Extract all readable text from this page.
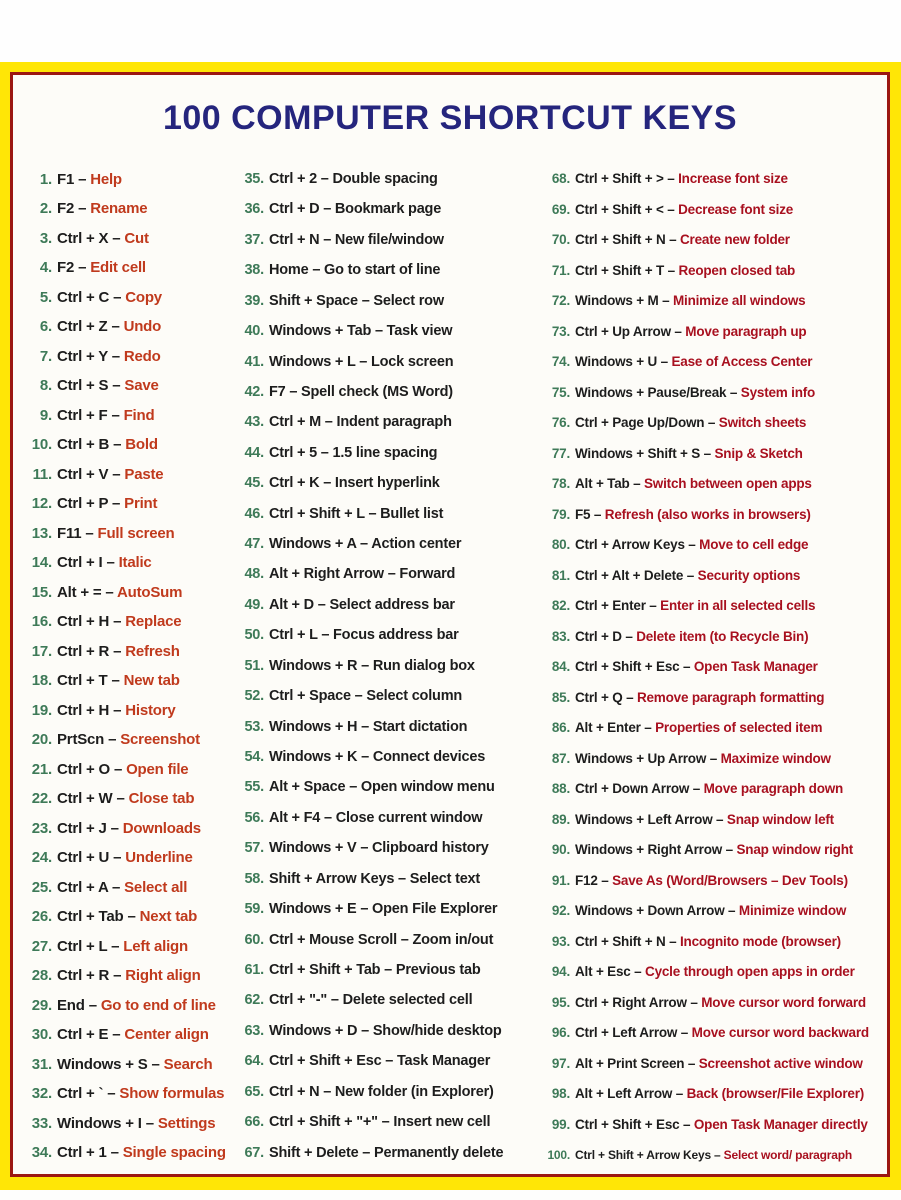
100 COMPUTER SHORTCUT KEYS
1. F1 – Help
2. F2 – Rename
3. Ctrl + X – Cut
4. F2 – Edit cell
5. Ctrl + C – Copy
6. Ctrl + Z – Undo
7. Ctrl + Y – Redo
8. Ctrl + S – Save
9. Ctrl + F – Find
10. Ctrl + B – Bold
11. Ctrl + V – Paste
12. Ctrl + P – Print
13. F11 – Full screen
14. Ctrl + I – Italic
15. Alt + = – AutoSum
16. Ctrl + H – Replace
17. Ctrl + R – Refresh
18. Ctrl + T – New tab
19. Ctrl + H – History
20. PrtScn – Screenshot
21. Ctrl + O – Open file
22. Ctrl + W – Close tab
23. Ctrl + J – Downloads
24. Ctrl + U – Underline
25. Ctrl + A – Select all
26. Ctrl + Tab – Next tab
27. Ctrl + L – Left align
28. Ctrl + R – Right align
29. End – Go to end of line
30. Ctrl + E – Center align
31. Windows + S – Search
32. Ctrl + ` – Show formulas
33. Windows + I – Settings
34. Ctrl + 1 – Single spacing
35. Ctrl + 2 – Double spacing
36. Ctrl + D – Bookmark page
37. Ctrl + N – New file/window
38. Home – Go to start of line
39. Shift + Space – Select row
40. Windows + Tab – Task view
41. Windows + L – Lock screen
42. F7 – Spell check (MS Word)
43. Ctrl + M – Indent paragraph
44. Ctrl + 5 – 1.5 line spacing
45. Ctrl + K – Insert hyperlink
46. Ctrl + Shift + L – Bullet list
47. Windows + A – Action center
48. Alt + Right Arrow – Forward
49. Alt + D – Select address bar
50. Ctrl + L – Focus address bar
51. Windows + R – Run dialog box
52. Ctrl + Space – Select column
53. Windows + H – Start dictation
54. Windows + K – Connect devices
55. Alt + Space – Open window menu
56. Alt + F4 – Close current window
57. Windows + V – Clipboard history
58. Shift + Arrow Keys – Select text
59. Windows + E – Open File Explorer
60. Ctrl + Mouse Scroll – Zoom in/out
61. Ctrl + Shift + Tab – Previous tab
62. Ctrl + "-" – Delete selected cell
63. Windows + D – Show/hide desktop
64. Ctrl + Shift + Esc – Task Manager
65. Ctrl + N – New folder (in Explorer)
66. Ctrl + Shift + "+" – Insert new cell
67. Shift + Delete – Permanently delete
68. Ctrl + Shift + > – Increase font size
69. Ctrl + Shift + < – Decrease font size
70. Ctrl + Shift + N – Create new folder
71. Ctrl + Shift + T – Reopen closed tab
72. Windows + M – Minimize all windows
73. Ctrl + Up Arrow – Move paragraph up
74. Windows + U – Ease of Access Center
75. Windows + Pause/Break – System info
76. Ctrl + Page Up/Down – Switch sheets
77. Windows + Shift + S – Snip & Sketch
78. Alt + Tab – Switch between open apps
79. F5 – Refresh (also works in browsers)
80. Ctrl + Arrow Keys – Move to cell edge
81. Ctrl + Alt + Delete – Security options
82. Ctrl + Enter – Enter in all selected cells
83. Ctrl + D – Delete item (to Recycle Bin)
84. Ctrl + Shift + Esc – Open Task Manager
85. Ctrl + Q – Remove paragraph formatting
86. Alt + Enter – Properties of selected item
87. Windows + Up Arrow – Maximize window
88. Ctrl + Down Arrow – Move paragraph down
89. Windows + Left Arrow – Snap window left
90. Windows + Right Arrow – Snap window right
91. F12 – Save As (Word/Browsers – Dev Tools)
92. Windows + Down Arrow – Minimize window
93. Ctrl + Shift + N – Incognito mode (browser)
94. Alt + Esc – Cycle through open apps in order
95. Ctrl + Right Arrow – Move cursor word forward
96. Ctrl + Left Arrow – Move cursor word backward
97. Alt + Print Screen – Screenshot active window
98. Alt + Left Arrow – Back (browser/File Explorer)
99. Ctrl + Shift + Esc – Open Task Manager directly
100. Ctrl + Shift + Arrow Keys – Select word/ paragraph
